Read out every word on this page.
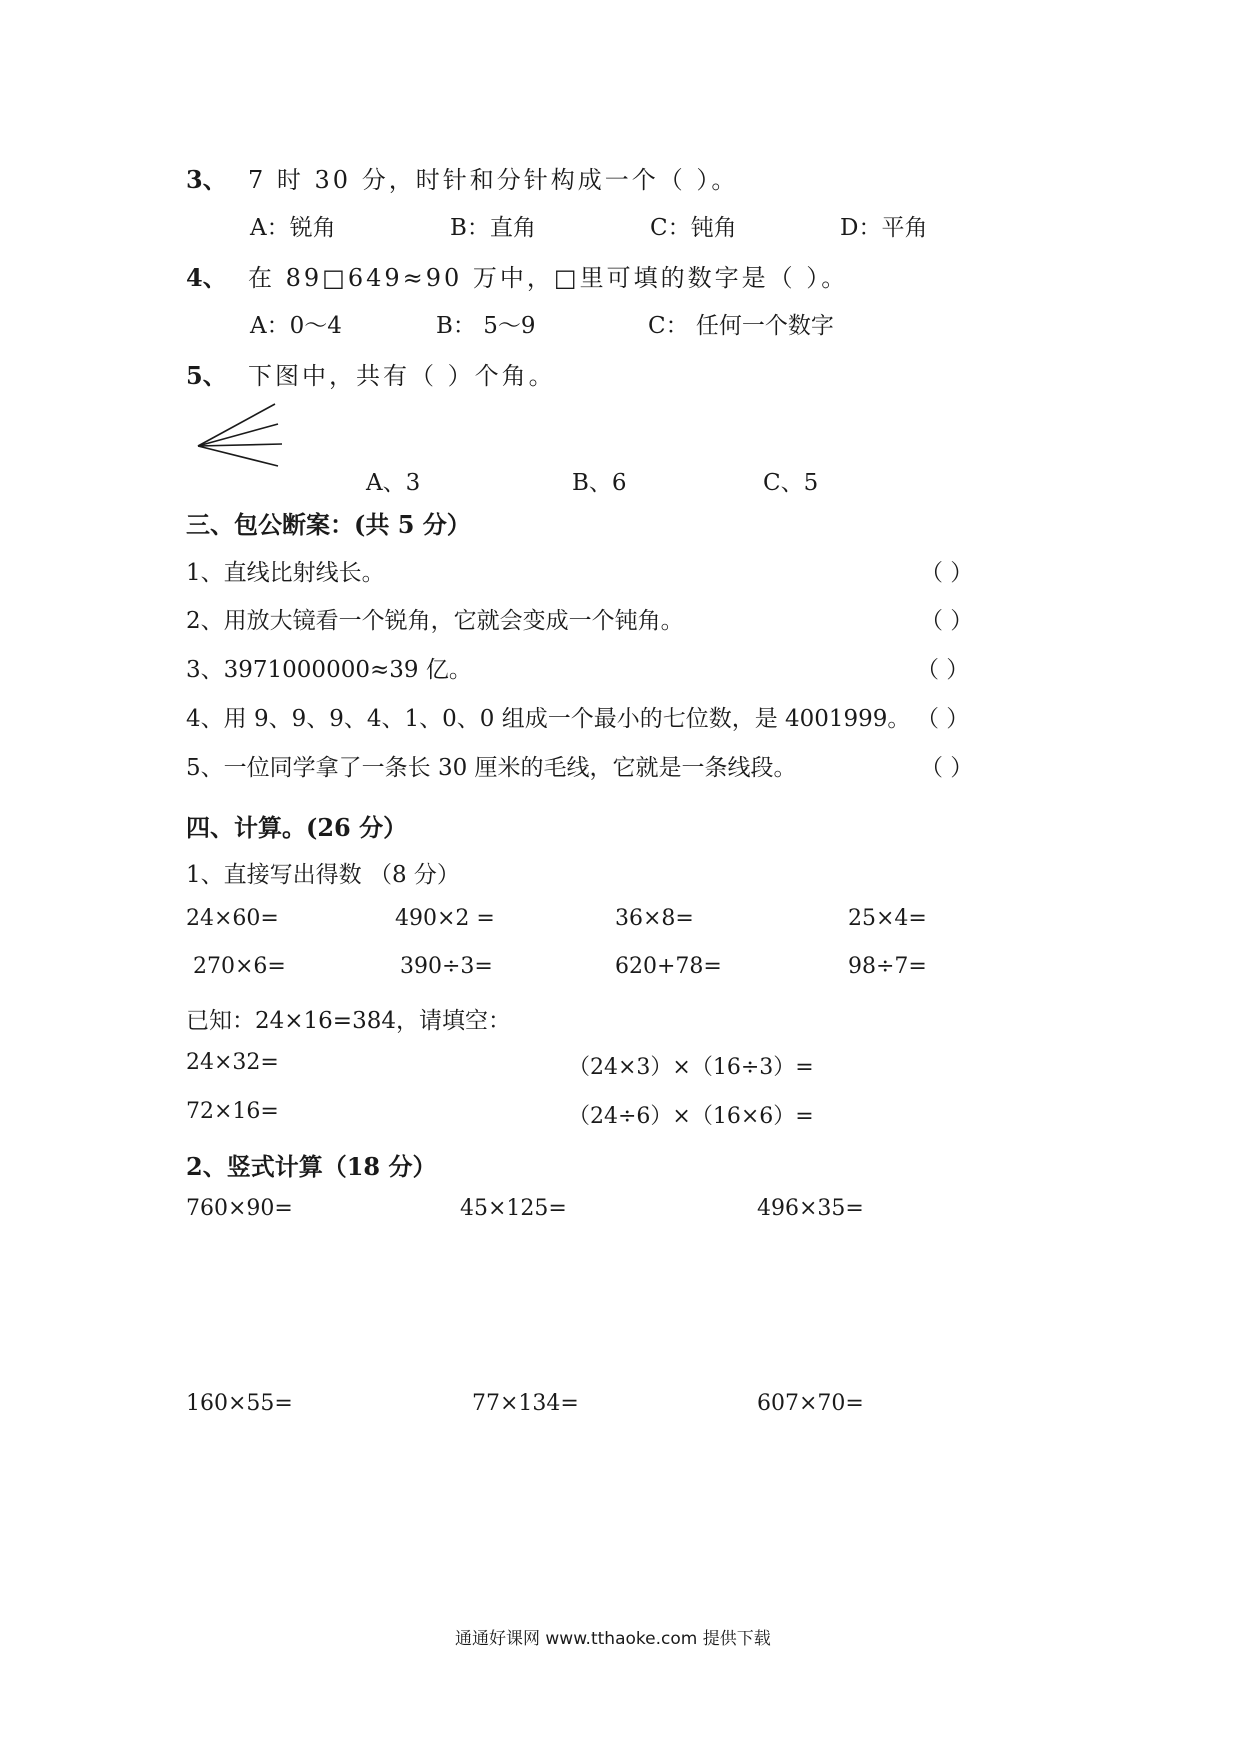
3、 7 时 30 分，时针和分针构成一个（ ）。
A：锐角	B：直角	C：钝角	D：平角
4、 在 89□649≈90 万中，□里可填的数字是（ ）。
A：0～4	B： 5～9	C： 任何一个数字
5、 下图中，共有（ ）个角。
A、3	B、6	C、5
三、包公断案：(共 5 分）
1、直线比射线长。	（ ）
2、用放大镜看一个锐角，它就会变成一个钝角。	（ ）
3、3971000000≈39 亿。	（ ）
4、用 9、9、9、4、1、0、0 组成一个最小的七位数，是 4001999。 （ ）
5、一位同学拿了一条长 30 厘米的毛线，它就是一条线段。	（ ）
四、计算。(26 分）
1、直接写出得数 （8 分）
24×60=	490×2 =	36×8=	25×4=
270×6=	390÷3=	620+78=	98÷7=
已知：24×16=384，请填空：
24×32=	（24×3）×（16÷3）=
72×16=	（24÷6）×（16×6）=
2、竖式计算（18 分）
760×90=	45×125=	496×35=
160×55=	77×134=	607×70=
通通好课网 www.tthaoke.com 提供下载
